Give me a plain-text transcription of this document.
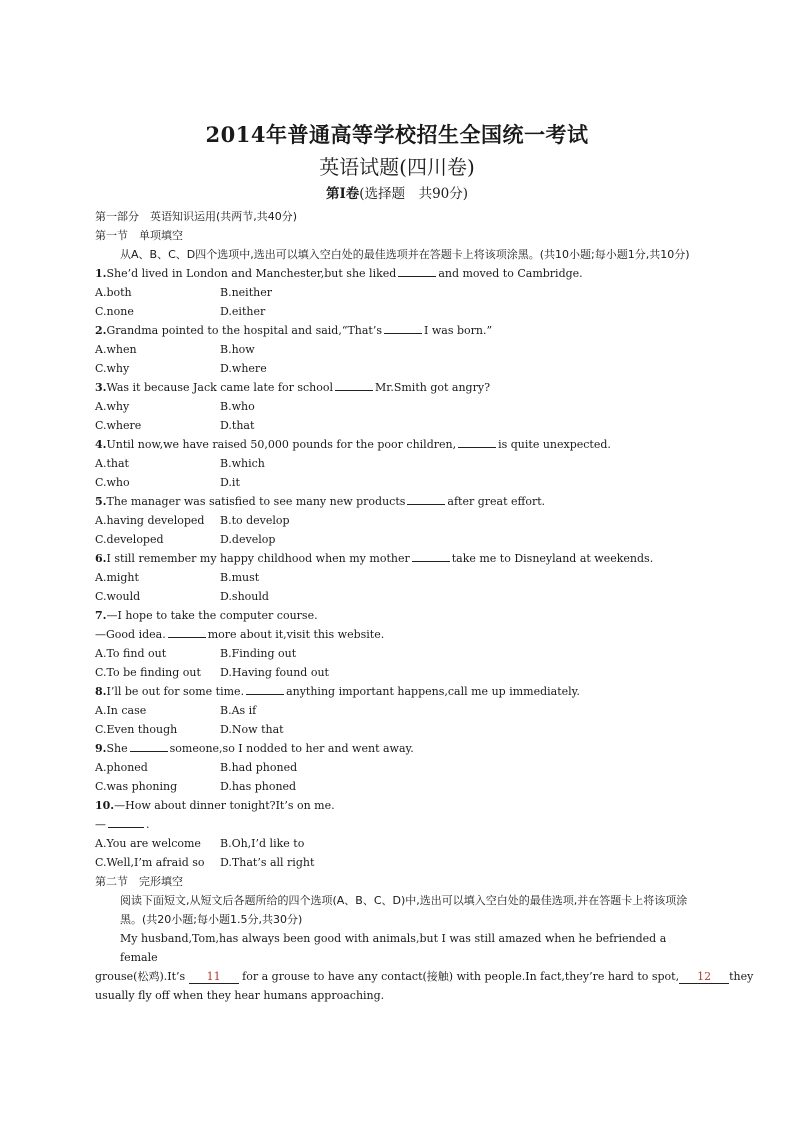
2014年普通高等学校招生全国统一考试
英语试题(四川卷)
第Ⅰ卷(选择题　共90分)
第一部分　英语知识运用(共两节,共40分)
第一节　单项填空
从A、B、C、D四个选项中,选出可以填入空白处的最佳选项并在答题卡上将该项涂黑。(共10小题;每小题1分,共10分)
1.She’d lived in London and Manchester,but she liked	and moved to Cambridge.
A.both	B.neither
C.none	D.either
2.Grandma pointed to the hospital and said,“That’s	I was born.”
A.when	B.how
C.why	D.where
3.Was it because Jack came late for school	Mr.Smith got angry?
A.why	B.who
C.where	D.that
4.Until now,we have raised 50,000 pounds for the poor children,	is quite unexpected.
A.that	B.which
C.who	D.it
5.The manager was satisfied to see many new products	after great effort.
A.having developed B.to develop
C.developed	D.develop
6.I still remember my happy childhood when my mother	take me to Disneyland at weekends.
A.might	B.must
C.would	D.should
7.—I hope to take the computer course.
—Good idea.	more about it,visit this website.
A.To find out	B.Finding out
C.To be finding out D.Having found out
8.I’ll be out for some time.	anything important happens,call me up immediately.
A.In case	B.As if
C.Even though	D.Now that
9.She	someone,so I nodded to her and went away.
A.phoned	B.had phoned
C.was phoning	D.has phoned
10.—How about dinner tonight?It’s on me.
—	.
A.You are welcome B.Oh,I’d like to
C.Well,I’m afraid so D.That’s all right
第二节　完形填空
阅读下面短文,从短文后各题所给的四个选项(A、B、C、D)中,选出可以填入空白处的最佳选项,并在答题卡上将该项涂黑。(共20小题;每小题1.5分,共30分)
My husband,Tom,has always been good with animals,but I was still amazed when he befriended a female
grouse(松鸡).It’s 11 for a grouse to have any contact(接触) with people.In fact,they’re hard to spot, 12 they
usually fly off when they hear humans approaching.
